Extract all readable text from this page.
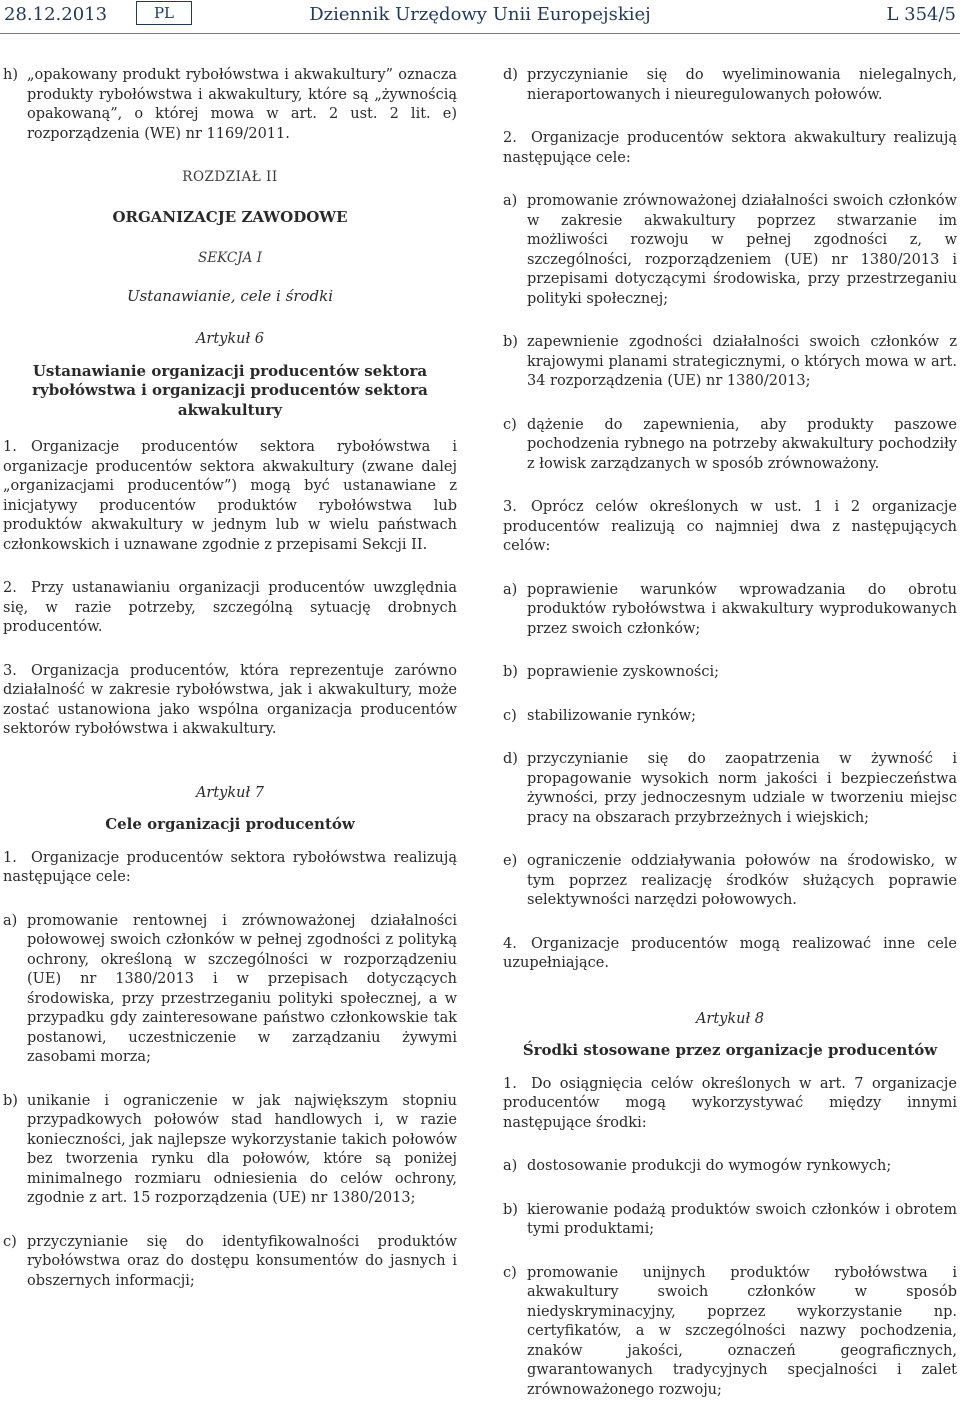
Dziennik Urzędowy Unii Europejskiej
28.12.2013	PL	L 354/5
h) „opakowany produkt rybołówstwa i akwakultury” oznacza produkty rybołówstwa i akwakultury, które są „żywnością opakowaną”, o której mowa w art. 2 ust. 2 lit. e) rozporządzenia (WE) nr 1169/2011.

ROZDZIAŁ II

ORGANIZACJE ZAWODOWE

SEKCJA I

Ustanawianie, cele i środki

Artykuł 6

Ustanawianie organizacji producentów sektora rybołówstwa i organizacji producentów sektora akwakultury

1. Organizacje producentów sektora rybołówstwa i organizacje producentów sektora akwakultury (zwane dalej „organizacjami producentów”) mogą być ustanawiane z inicjatywy producentów produktów rybołówstwa lub produktów akwakultury w jednym lub w wielu państwach członkowskich i uznawane zgodnie z przepisami Sekcji II.

2. Przy ustanawianiu organizacji producentów uwzględnia się, w razie potrzeby, szczególną sytuację drobnych producentów.

3. Organizacja producentów, która reprezentuje zarówno działalność w zakresie rybołówstwa, jak i akwakultury, może zostać ustanowiona jako wspólna organizacja producentów sektorów rybołówstwa i akwakultury.

Artykuł 7

Cele organizacji producentów

1. Organizacje producentów sektora rybołówstwa realizują następujące cele:

a) promowanie rentownej i zrównoważonej działalności połowowej swoich członków w pełnej zgodności z polityką ochrony, określoną w szczególności w rozporządzeniu (UE) nr 1380/2013 i w przepisach dotyczących środowiska, przy przestrzeganiu polityki społecznej, a w przypadku gdy zainteresowane państwo członkowskie tak postanowi, uczestniczenie w zarządzaniu żywymi zasobami morza;
b) unikanie i ograniczenie w jak największym stopniu przypadkowych połowów stad handlowych i, w razie konieczności, jak najlepsze wykorzystanie takich połowów bez tworzenia rynku dla połowów, które są poniżej minimalnego rozmiaru odniesienia do celów ochrony, zgodnie z art. 15 rozporządzenia (UE) nr 1380/2013;
c) przyczynianie się do identyfikowalności produktów rybołówstwa oraz do dostępu konsumentów do jasnych i obszernych informacji;
d) przyczynianie się do wyeliminowania nielegalnych, nieraportowanych i nieuregulowanych połowów.

2. Organizacje producentów sektora akwakultury realizują następujące cele:

a) promowanie zrównoważonej działalności swoich członków w zakresie akwakultury poprzez stwarzanie im możliwości rozwoju w pełnej zgodności z, w szczególności, rozporządzeniem (UE) nr 1380/2013 i przepisami dotyczącymi środowiska, przy przestrzeganiu polityki społecznej;
b) zapewnienie zgodności działalności swoich członków z krajowymi planami strategicznymi, o których mowa w art. 34 rozporządzenia (UE) nr 1380/2013;
c) dążenie do zapewnienia, aby produkty paszowe pochodzenia rybnego na potrzeby akwakultury pochodziły z łowisk zarządzanych w sposób zrównoważony.

3. Oprócz celów określonych w ust. 1 i 2 organizacje producentów realizują co najmniej dwa z następujących celów:

a) poprawienie warunków wprowadzania do obrotu produktów rybołówstwa i akwakultury wyprodukowanych przez swoich członków;
b) poprawienie zyskowności;
c) stabilizowanie rynków;
d) przyczynianie się do zaopatrzenia w żywność i propagowanie wysokich norm jakości i bezpieczeństwa żywności, przy jednoczesnym udziale w tworzeniu miejsc pracy na obszarach przybrzeżnych i wiejskich;
e) ograniczenie oddziaływania połowów na środowisko, w tym poprzez realizację środków służących poprawie selektywności narzędzi połowowych.

4. Organizacje producentów mogą realizować inne cele uzupełniające.

Artykuł 8

Środki stosowane przez organizacje producentów

1. Do osiągnięcia celów określonych w art. 7 organizacje producentów mogą wykorzystywać między innymi następujące środki:

a) dostosowanie produkcji do wymogów rynkowych;
b) kierowanie podażą produktów swoich członków i obrotem tymi produktami;
c) promowanie unijnych produktów rybołówstwa i akwakultury swoich członków w sposób niedyskryminacyjny, poprzez wykorzystanie np. certyfikatów, a w szczególności nazwy pochodzenia, znaków jakości, oznaczeń geograficznych, gwarantowanych tradycyjnych specjalności i zalet zrównoważonego rozwoju;
